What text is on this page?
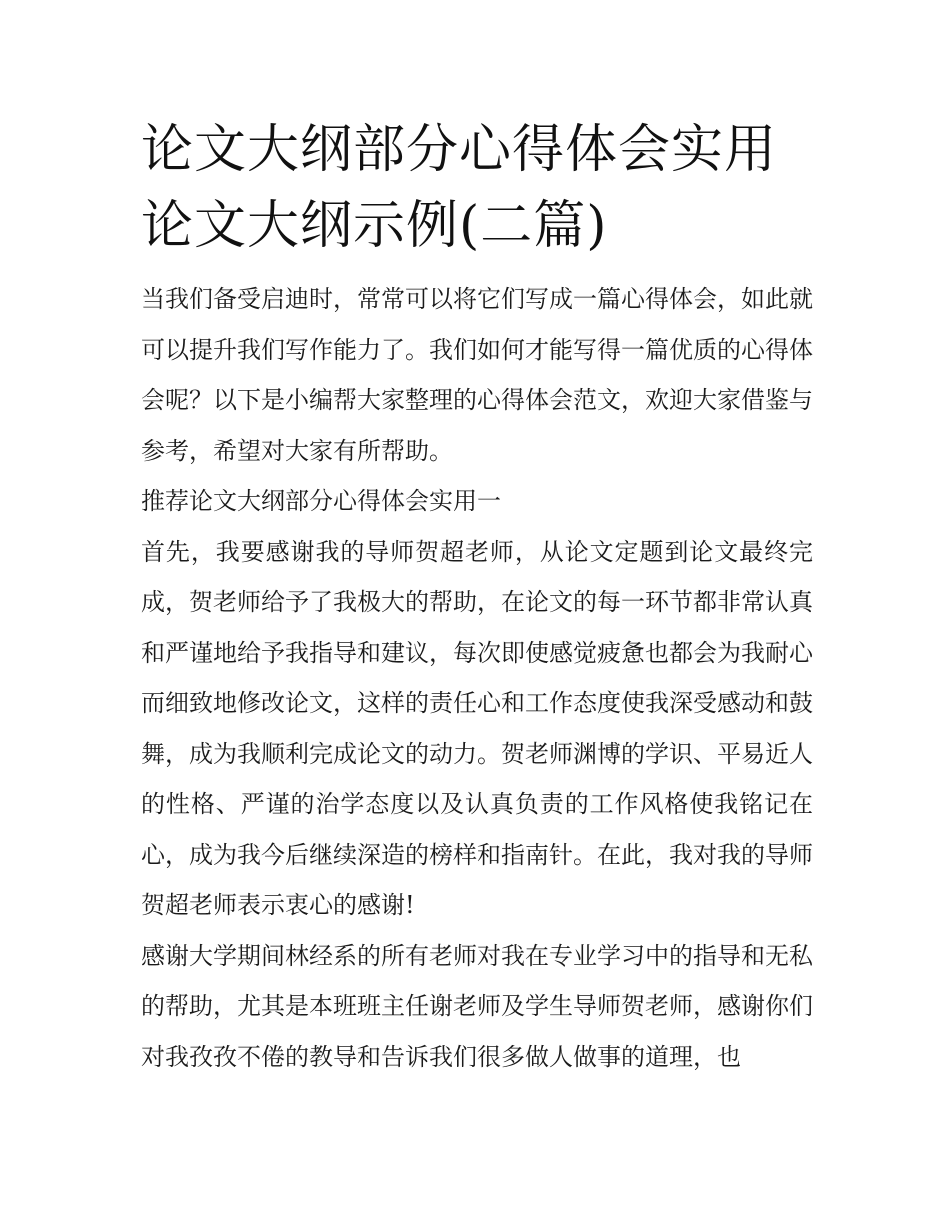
论文大纲部分心得体会实用 论文大纲示例(二篇)

当我们备受启迪时，常常可以将它们写成一篇心得体会，如此就可以提升我们写作能力了。我们如何才能写得一篇优质的心得体会呢？以下是小编帮大家整理的心得体会范文，欢迎大家借鉴与参考，希望对大家有所帮助。

推荐论文大纲部分心得体会实用一

首先，我要感谢我的导师贺超老师，从论文定题到论文最终完成，贺老师给予了我极大的帮助，在论文的每一环节都非常认真和严谨地给予我指导和建议，每次即使感觉疲惫也都会为我耐心而细致地修改论文，这样的责任心和工作态度使我深受感动和鼓舞，成为我顺利完成论文的动力。贺老师渊博的学识、平易近人的性格、严谨的治学态度以及认真负责的工作风格使我铭记在心，成为我今后继续深造的榜样和指南针。在此，我对我的导师贺超老师表示衷心的感谢!

感谢大学期间林经系的所有老师对我在专业学习中的指导和无私的帮助，尤其是本班班主任谢老师及学生导师贺老师，感谢你们对我孜孜不倦的教导和告诉我们很多做人做事的道理，也
